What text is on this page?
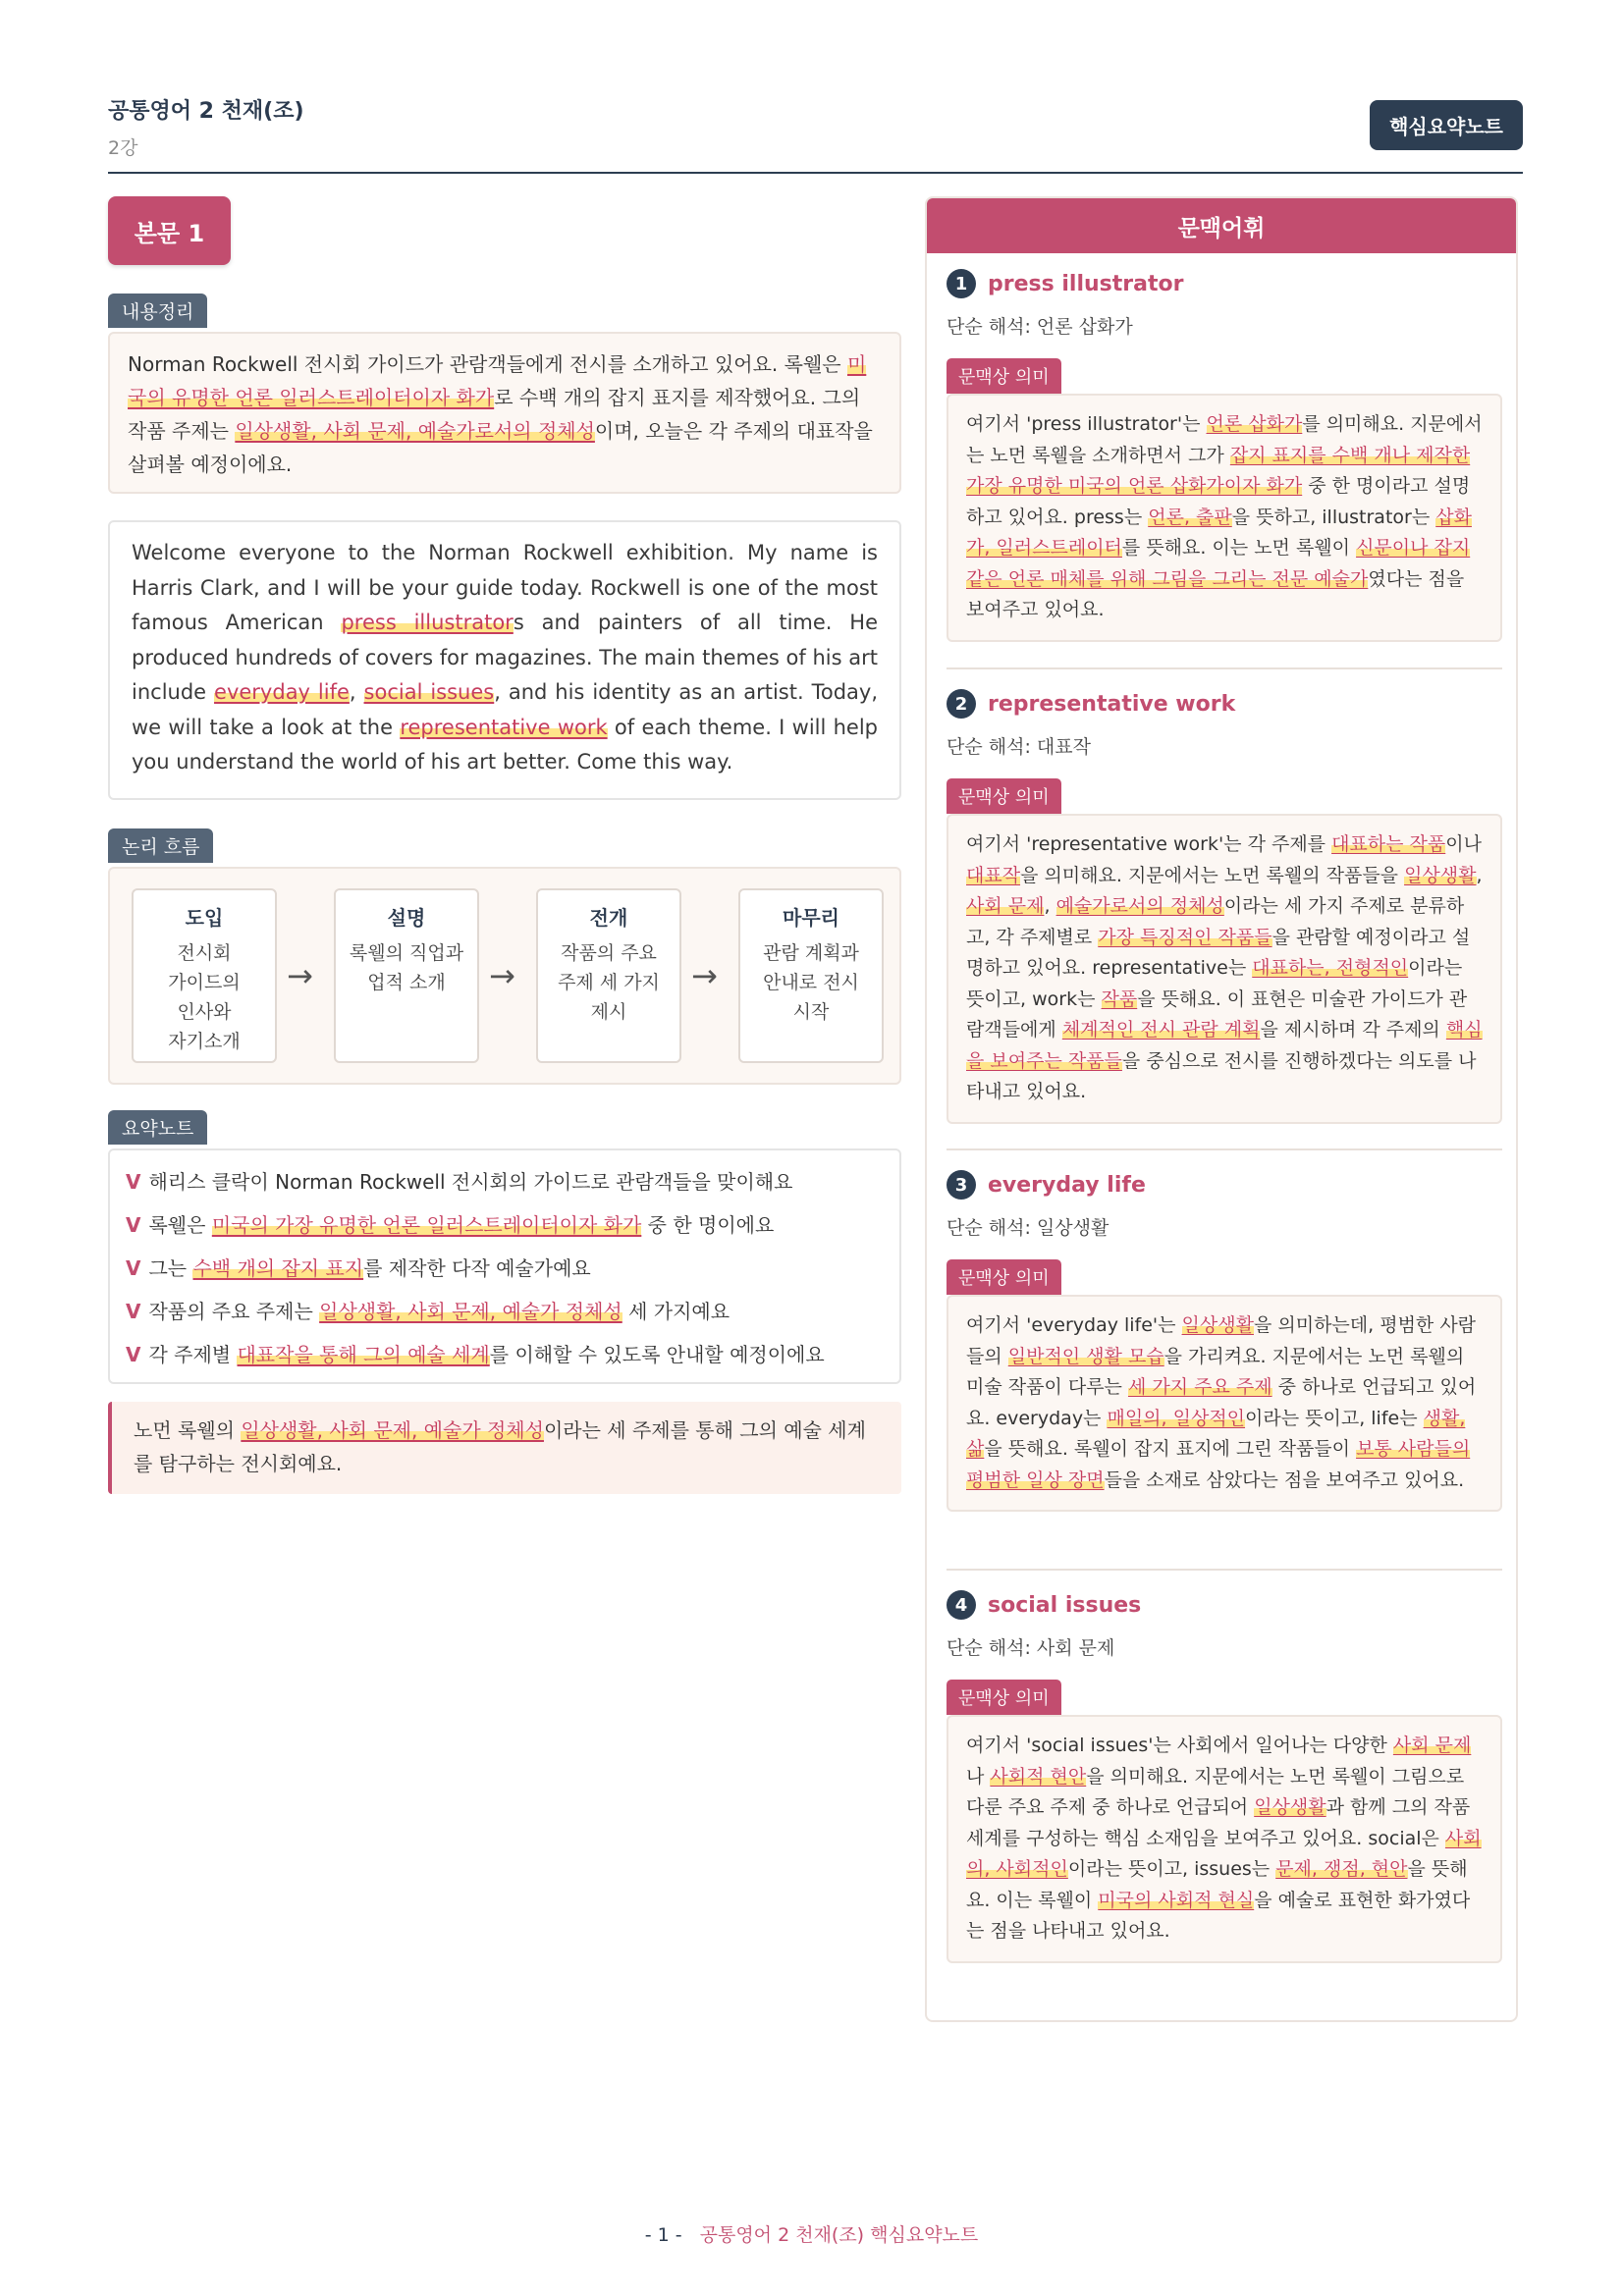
공통영어 2 천재(조)
2강
핵심요약노트
본문 1
내용정리
Norman Rockwell 전시회 가이드가 관람객들에게 전시를 소개하고 있어요. 록웰은 미국의 유명한 언론 일러스트레이터이자 화가로 수백 개의 잡지 표지를 제작했어요. 그의 작품 주제는 일상생활, 사회 문제, 예술가로서의 정체성이며, 오늘은 각 주제의 대표작을 살펴볼 예정이에요.
Welcome everyone to the Norman Rockwell exhibition. My name is Harris Clark, and I will be your guide today. Rockwell is one of the most famous American press illustrators and painters of all time. He produced hundreds of covers for magazines. The main themes of his art include everyday life, social issues, and his identity as an artist. Today, we will take a look at the representative work of each theme. I will help you understand the world of his art better. Come this way.
논리 흐름
도입
전시회
가이드의
인사와
자기소개
→
설명
록웰의 직업과
업적 소개	→
전개
작품의 주요
주제 세 가지
제시
→
마무리
관람 계획과
안내로 전시
시작
요약노트
V 해리스 클락이 Norman Rockwell 전시회의 가이드로 관람객들을 맞이해요
V 록웰은 미국의 가장 유명한 언론 일러스트레이터이자 화가 중 한 명이에요
V 그는 수백 개의 잡지 표지를 제작한 다작 예술가예요
V 작품의 주요 주제는 일상생활, 사회 문제, 예술가 정체성 세 가지예요
V 각 주제별 대표작을 통해 그의 예술 세계를 이해할 수 있도록 안내할 예정이에요
노먼 록웰의 일상생활, 사회 문제, 예술가 정체성이라는 세 주제를 통해 그의 예술 세계를 탐구하는 전시회예요.
문맥어휘
1 press illustrator
단순 해석: 언론 삽화가
문맥상 의미
여기서 'press illustrator'는 언론 삽화가를 의미해요. 지문에서는 노먼 록웰을 소개하면서 그가 잡지 표지를 수백 개나 제작한 가장 유명한 미국의 언론 삽화가이자 화가 중 한 명이라고 설명하고 있어요. press는 언론, 출판을 뜻하고, illustrator는 삽화가, 일러스트레이터를 뜻해요. 이는 노먼 록웰이 신문이나 잡지 같은 언론 매체를 위해 그림을 그리는 전문 예술가였다는 점을 보여주고 있어요.
2 representative work
단순 해석: 대표작
문맥상 의미
여기서 'representative work'는 각 주제를 대표하는 작품이나 대표작을 의미해요. 지문에서는 노먼 록웰의 작품들을 일상생활, 사회 문제, 예술가로서의 정체성이라는 세 가지 주제로 분류하고, 각 주제별로 가장 특징적인 작품들을 관람할 예정이라고 설명하고 있어요. representative는 대표하는, 전형적인이라는 뜻이고, work는 작품을 뜻해요. 이 표현은 미술관 가이드가 관람객들에게 체계적인 전시 관람 계획을 제시하며 각 주제의 핵심을 보여주는 작품들을 중심으로 전시를 진행하겠다는 의도를 나타내고 있어요.
3 everyday life
단순 해석: 일상생활
문맥상 의미
여기서 'everyday life'는 일상생활을 의미하는데, 평범한 사람들의 일반적인 생활 모습을 가리켜요. 지문에서는 노먼 록웰의 미술 작품이 다루는 세 가지 주요 주제 중 하나로 언급되고 있어요. everyday는 매일의, 일상적인이라는 뜻이고, life는 생활, 삶을 뜻해요. 록웰이 잡지 표지에 그린 작품들이 보통 사람들의 평범한 일상 장면들을 소재로 삼았다는 점을 보여주고 있어요.
4 social issues
단순 해석: 사회 문제
문맥상 의미
여기서 'social issues'는 사회에서 일어나는 다양한 사회 문제나 사회적 현안을 의미해요. 지문에서는 노먼 록웰이 그림으로 다룬 주요 주제 중 하나로 언급되어 일상생활과 함께 그의 작품 세계를 구성하는 핵심 소재임을 보여주고 있어요. social은 사회의, 사회적인이라는 뜻이고, issues는 문제, 쟁점, 현안을 뜻해요. 이는 록웰이 미국의 사회적 현실을 예술로 표현한 화가였다는 점을 나타내고 있어요.
- 1 - 공통영어 2 천재(조) 핵심요약노트
